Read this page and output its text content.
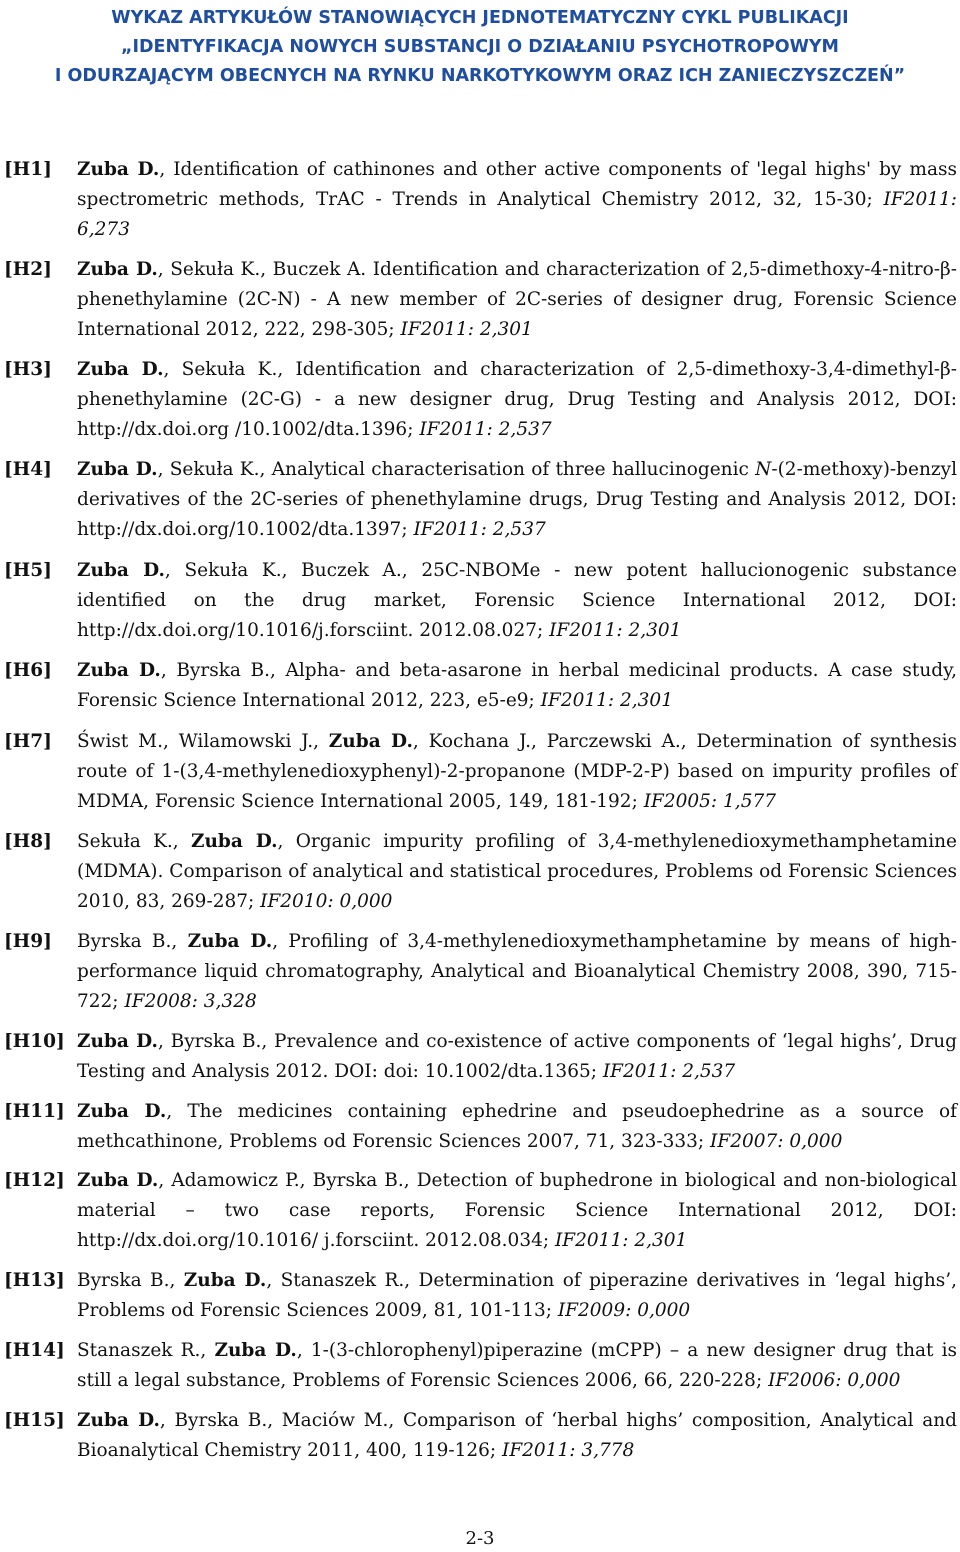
WYKAZ ARTYKUŁÓW STANOWIĄCYCH JEDNOTEMATYCZNY CYKL PUBLIKACJI
„IDENTYFIKACJA NOWYCH SUBSTANCJI O DZIAŁANIU PSYCHOTROPOWYM
I ODURZAJĄCYM OBECNYCH NA RYNKU NARKOTYKOWYM ORAZ ICH ZANIECZYSZCZEŃ”
[H1] Zuba D., Identification of cathinones and other active components of 'legal highs' by mass spectrometric methods, TrAC - Trends in Analytical Chemistry 2012, 32, 15-30; IF2011: 6,273
[H2] Zuba D., Sekuła K., Buczek A. Identification and characterization of 2,5-dimethoxy-4-nitro-β-phenethylamine (2C-N) - A new member of 2C-series of designer drug, Forensic Science International 2012, 222, 298-305; IF2011: 2,301
[H3] Zuba D., Sekuła K., Identification and characterization of 2,5-dimethoxy-3,4-dimethyl-β-phenethylamine (2C-G) - a new designer drug, Drug Testing and Analysis 2012, DOI: http://dx.doi.org /10.1002/dta.1396; IF2011: 2,537
[H4] Zuba D., Sekuła K., Analytical characterisation of three hallucinogenic N-(2-methoxy)-benzyl derivatives of the 2C-series of phenethylamine drugs, Drug Testing and Analysis 2012, DOI: http://dx.doi.org/10.1002/dta.1397; IF2011: 2,537
[H5] Zuba D., Sekuła K., Buczek A., 25C-NBOMe - new potent hallucionogenic substance identified on the drug market, Forensic Science International 2012, DOI: http://dx.doi.org/10.1016/j.forsciint. 2012.08.027; IF2011: 2,301
[H6] Zuba D., Byrska B., Alpha- and beta-asarone in herbal medicinal products. A case study, Forensic Science International 2012, 223, e5-e9; IF2011: 2,301
[H7] Świst M., Wilamowski J., Zuba D., Kochana J., Parczewski A., Determination of synthesis route of 1-(3,4-methylenedioxyphenyl)-2-propanone (MDP-2-P) based on impurity profiles of MDMA, Forensic Science International 2005, 149, 181-192; IF2005: 1,577
[H8] Sekuła K., Zuba D., Organic impurity profiling of 3,4-methylenedioxymethamphetamine (MDMA). Comparison of analytical and statistical procedures, Problems od Forensic Sciences 2010, 83, 269-287; IF2010: 0,000
[H9] Byrska B., Zuba D., Profiling of 3,4-methylenedioxymethamphetamine by means of high-performance liquid chromatography, Analytical and Bioanalytical Chemistry 2008, 390, 715-722; IF2008: 3,328
[H10] Zuba D., Byrska B., Prevalence and co-existence of active components of ‘legal highs’, Drug Testing and Analysis 2012. DOI: doi: 10.1002/dta.1365; IF2011: 2,537
[H11] Zuba D., The medicines containing ephedrine and pseudoephedrine as a source of methcathinone, Problems od Forensic Sciences 2007, 71, 323-333; IF2007: 0,000
[H12] Zuba D., Adamowicz P., Byrska B., Detection of buphedrone in biological and non-biological material – two case reports, Forensic Science International 2012, DOI: http://dx.doi.org/10.1016/ j.forsciint. 2012.08.034; IF2011: 2,301
[H13] Byrska B., Zuba D., Stanaszek R., Determination of piperazine derivatives in ‘legal highs’, Problems od Forensic Sciences 2009, 81, 101-113; IF2009: 0,000
[H14] Stanaszek R., Zuba D., 1-(3-chlorophenyl)piperazine (mCPP) – a new designer drug that is still a legal substance, Problems of Forensic Sciences 2006, 66, 220-228; IF2006: 0,000
[H15] Zuba D., Byrska B., Maciów M., Comparison of ‘herbal highs’ composition, Analytical and Bioanalytical Chemistry 2011, 400, 119-126; IF2011: 3,778
2-3
